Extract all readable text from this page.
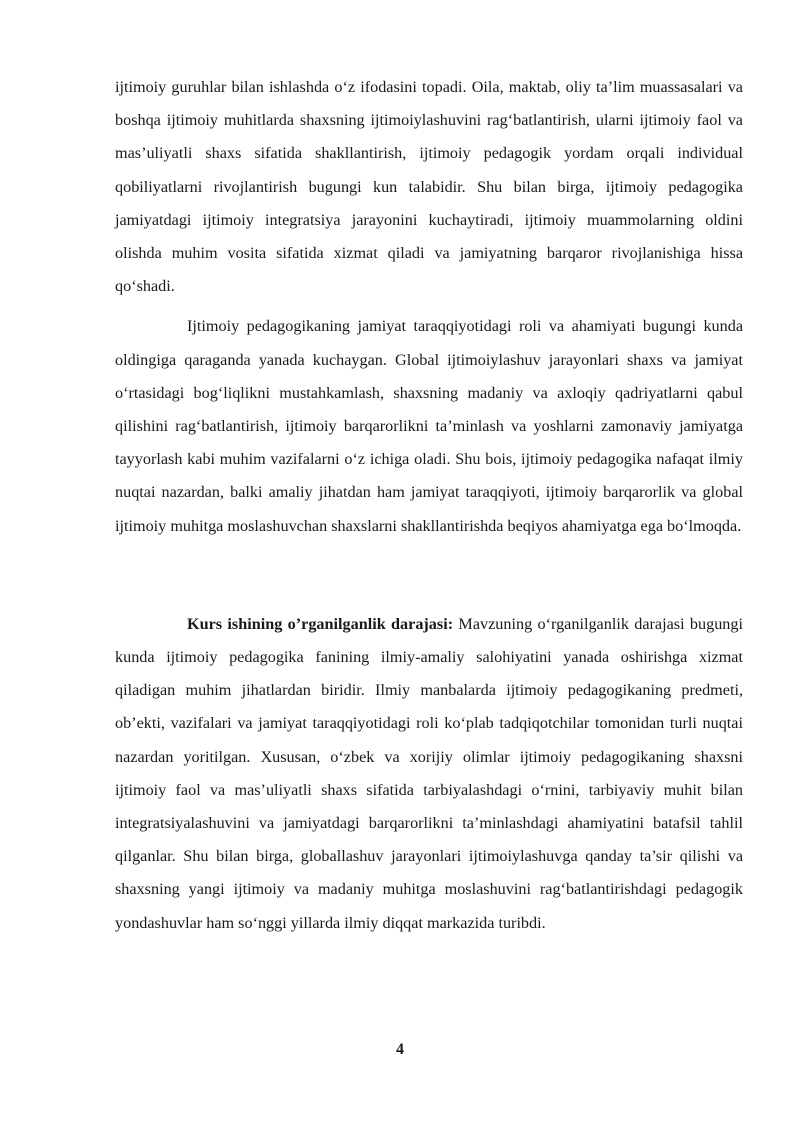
ijtimoiy guruhlar bilan ishlashda o‘z ifodasini topadi. Oila, maktab, oliy ta’lim muassasalari va boshqa ijtimoiy muhitlarda shaxsning ijtimoiylashuvini rag‘batlantirish, ularni ijtimoiy faol va mas’uliyatli shaxs sifatida shakllantirish, ijtimoiy pedagogik yordam orqali individual qobiliyatlarni rivojlantirish bugungi kun talabidir. Shu bilan birga, ijtimoiy pedagogika jamiyatdagi ijtimoiy integratsiya jarayonini kuchaytiradi, ijtimoiy muammolarning oldini olishda muhim vosita sifatida xizmat qiladi va jamiyatning barqaror rivojlanishiga hissa qo‘shadi.

Ijtimoiy pedagogikaning jamiyat taraqqiyotidagi roli va ahamiyati bugungi kunda oldingiga qaraganda yanada kuchaygan. Global ijtimoiylashuv jarayonlari shaxs va jamiyat o‘rtasidagi bog‘liqlikni mustahkamlash, shaxsning madaniy va axloqiy qadriyatlarni qabul qilishini rag‘batlantirish, ijtimoiy barqarorlikni ta’minlash va yoshlarni zamonaviy jamiyatga tayyorlash kabi muhim vazifalarni o‘z ichiga oladi. Shu bois, ijtimoiy pedagogika nafaqat ilmiy nuqtai nazardan, balki amaliy jihatdan ham jamiyat taraqqiyoti, ijtimoiy barqarorlik va global ijtimoiy muhitga moslashuvchan shaxslarni shakllantirishda beqiyos ahamiyatga ega bo‘lmoqda.

Kurs ishining o’rganilganlik darajasi: Mavzuning o‘rganilganlik darajasi bugungi kunda ijtimoiy pedagogika fanining ilmiy-amaliy salohiyatini yanada oshirishga xizmat qiladigan muhim jihatlardan biridir. Ilmiy manbalarda ijtimoiy pedagogikaning predmeti, ob’ekti, vazifalari va jamiyat taraqqiyotidagi roli ko‘plab tadqiqotchilar tomonidan turli nuqtai nazardan yoritilgan. Xususan, o‘zbek va xorijiy olimlar ijtimoiy pedagogikaning shaxsni ijtimoiy faol va mas’uliyatli shaxs sifatida tarbiyalashdagi o‘rnini, tarbiyaviy muhit bilan integratsiyalashuvini va jamiyatdagi barqarorlikni ta’minlashdagi ahamiyatini batafsil tahlil qilganlar. Shu bilan birga, globallashuv jarayonlari ijtimoiylashuvga qanday ta’sir qilishi va shaxsning yangi ijtimoiy va madaniy muhitga moslashuvini rag‘batlantirishdagi pedagogik yondashuvlar ham so‘nggi yillarda ilmiy diqqat markazida turibdi.

4
